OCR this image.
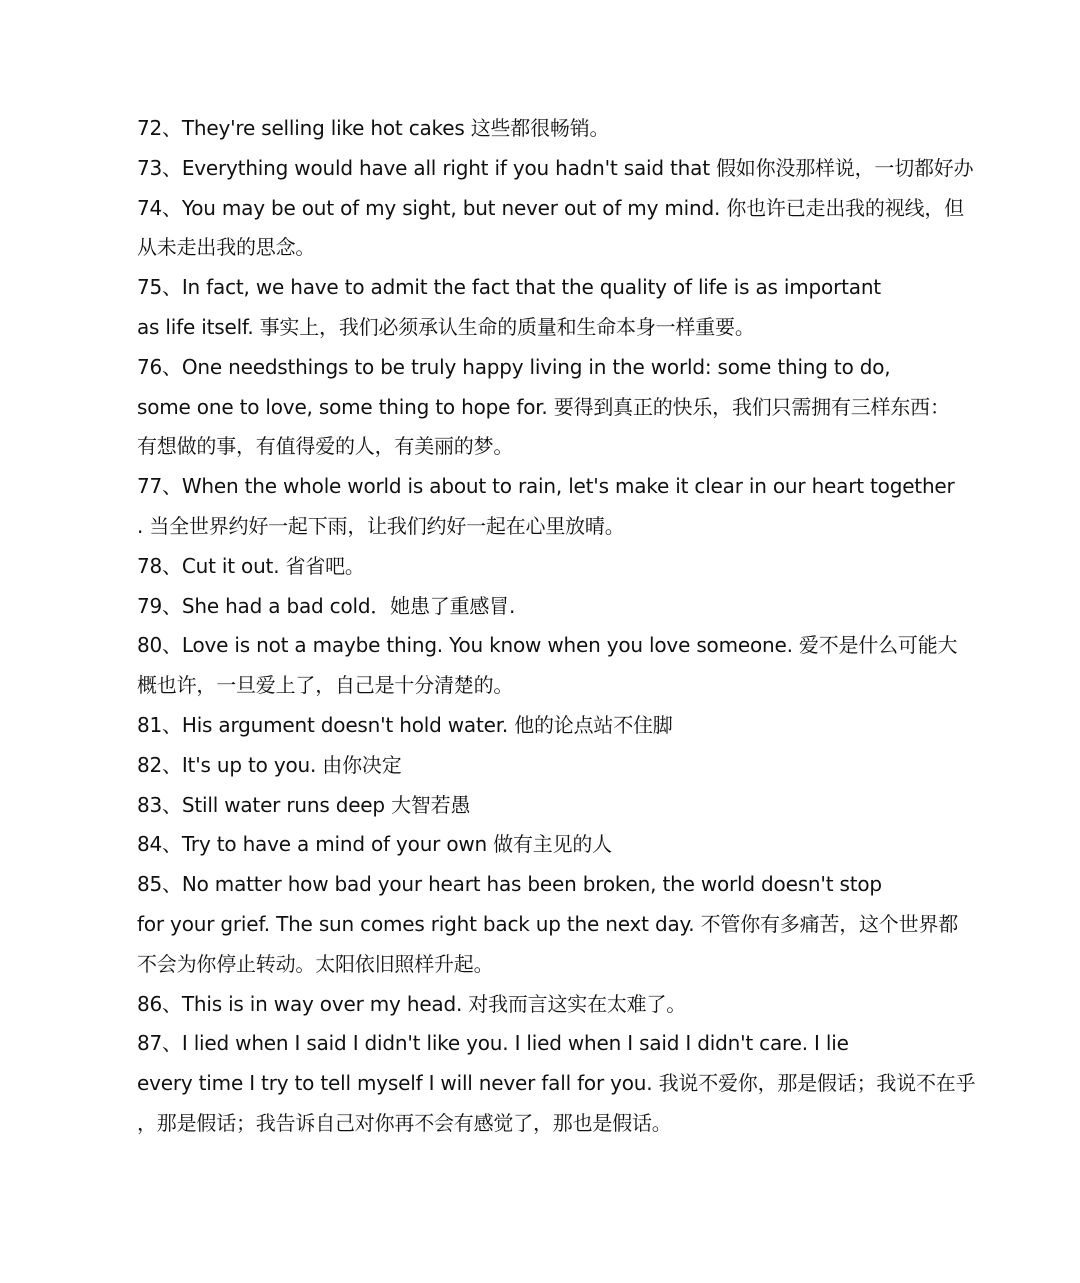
72、They're selling like hot cakes 这些都很畅销。
73、Everything would have all right if you hadn't said that 假如你没那样说，一切都好办
74、You may be out of my sight, but never out of my mind. 你也许已走出我的视线，但
从未走出我的思念。
75、In fact, we have to admit the fact that the quality of life is as important
as life itself. 事实上，我们必须承认生命的质量和生命本身一样重要。
76、One needsthings to be truly happy living in the world: some thing to do,
some one to love, some thing to hope for. 要得到真正的快乐，我们只需拥有三样东西：
有想做的事，有值得爱的人，有美丽的梦。
77、When the whole world is about to rain, let's make it clear in our heart together
. 当全世界约好一起下雨，让我们约好一起在心里放晴。
78、Cut it out. 省省吧。
79、She had a bad cold．她患了重感冒.
80、Love is not a maybe thing. You know when you love someone. 爱不是什么可能大
概也许，一旦爱上了，自己是十分清楚的。
81、His argument doesn't hold water. 他的论点站不住脚
82、It's up to you. 由你决定
83、Still water runs deep 大智若愚
84、Try to have a mind of your own 做有主见的人
85、No matter how bad your heart has been broken, the world doesn't stop
for your grief. The sun comes right back up the next day. 不管你有多痛苦，这个世界都
不会为你停止转动。太阳依旧照样升起。
86、This is in way over my head. 对我而言这实在太难了。
87、I lied when I said I didn't like you. I lied when I said I didn't care. I lie
every time I try to tell myself I will never fall for you. 我说不爱你，那是假话；我说不在乎
，那是假话；我告诉自己对你再不会有感觉了，那也是假话。
